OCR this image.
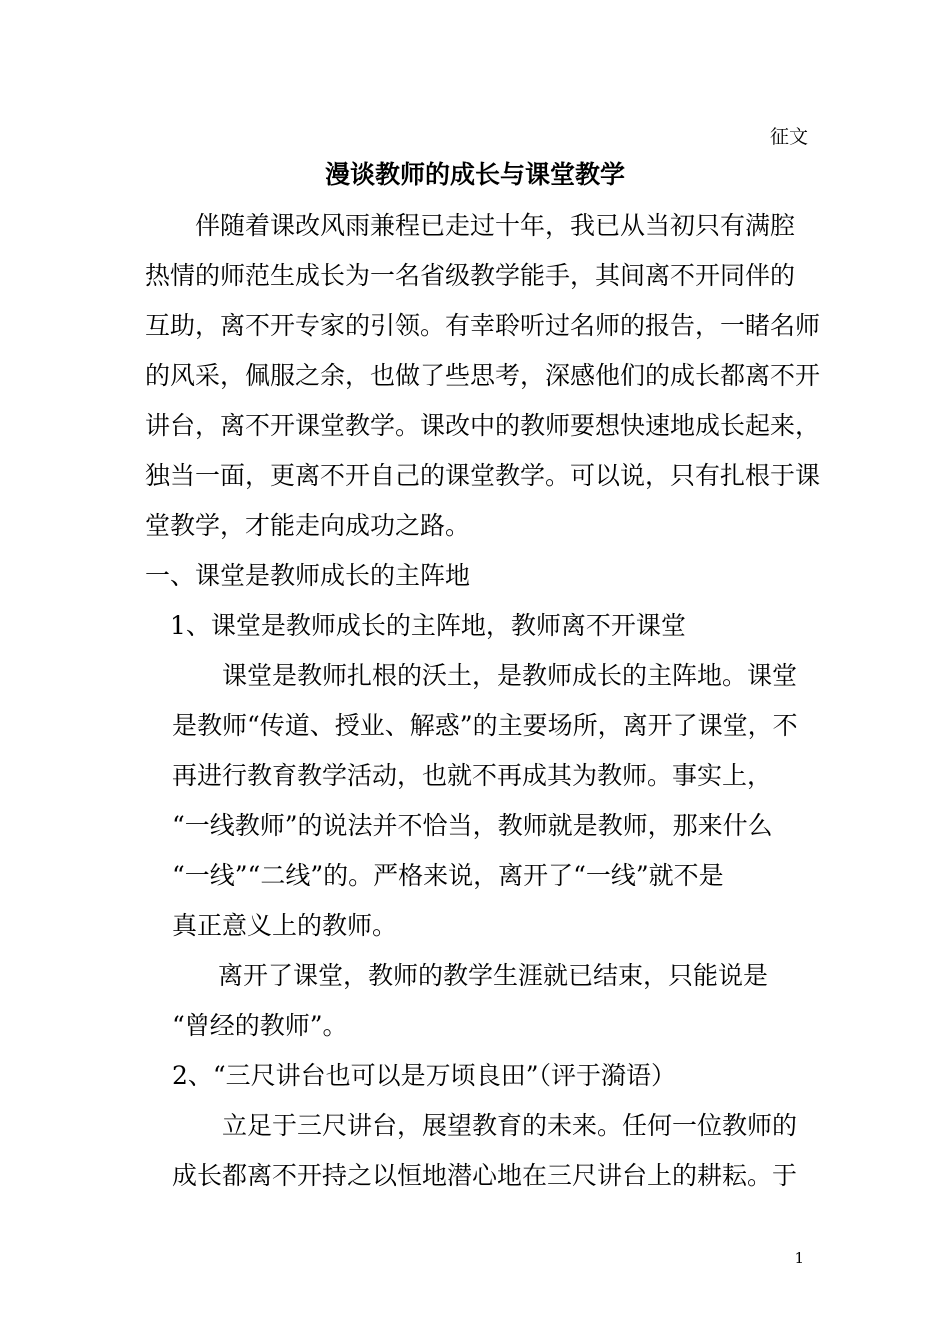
征文
漫谈教师的成长与课堂教学
伴随着课改风雨兼程已走过十年，我已从当初只有满腔
热情的师范生成长为一名省级教学能手，其间离不开同伴的
互助，离不开专家的引领。有幸聆听过名师的报告，一睹名师
的风采，佩服之余，也做了些思考，深感他们的成长都离不开
讲台，离不开课堂教学。课改中的教师要想快速地成长起来，
独当一面，更离不开自己的课堂教学。可以说，只有扎根于课
堂教学，才能走向成功之路。
一、课堂是教师成长的主阵地
1、课堂是教师成长的主阵地，教师离不开课堂
课堂是教师扎根的沃土，是教师成长的主阵地。课堂
是教师“传道、授业、解惑”的主要场所，离开了课堂，不
再进行教育教学活动，也就不再成其为教师。事实上，
“一线教师”的说法并不恰当，教师就是教师，那来什么
“一线”“二线”的。严格来说，离开了“一线”就不是
真正意义上的教师。
离开了课堂，教师的教学生涯就已结束，只能说是
“曾经的教师”。
2、“三尺讲台也可以是万顷良田”（评于漪语）
立足于三尺讲台，展望教育的未来。任何一位教师的
成长都离不开持之以恒地潜心地在三尺讲台上的耕耘。于
1
